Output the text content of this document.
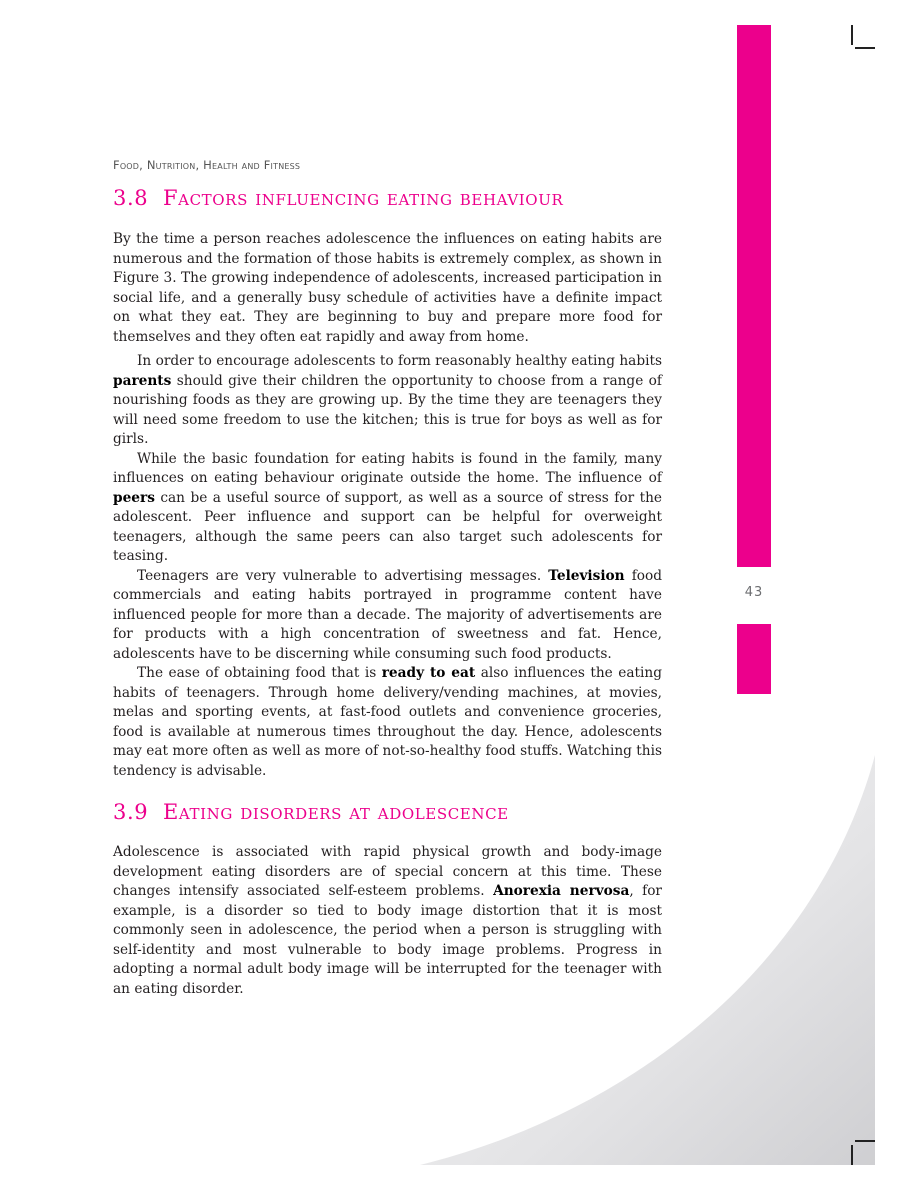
43
Food, Nutrition, Health and Fitness
3.8 Factors influencing eating behaviour

By the time a person reaches adolescence the influences on eating habits are numerous and the formation of those habits is extremely complex, as shown in Figure 3. The growing independence of adolescents, increased participation in social life, and a generally busy schedule of activities have a definite impact on what they eat. They are beginning to buy and prepare more food for themselves and they often eat rapidly and away from home.

In order to encourage adolescents to form reasonably healthy eating habits parents should give their children the opportunity to choose from a range of nourishing foods as they are growing up. By the time they are teenagers they will need some freedom to use the kitchen; this is true for boys as well as for girls.

While the basic foundation for eating habits is found in the family, many influences on eating behaviour originate outside the home. The influence of peers can be a useful source of support, as well as a source of stress for the adolescent. Peer influence and support can be helpful for overweight teenagers, although the same peers can also target such adolescents for teasing.

Teenagers are very vulnerable to advertising messages. Television food commercials and eating habits portrayed in programme content have influenced people for more than a decade. The majority of advertisements are for products with a high concentration of sweetness and fat. Hence, adolescents have to be discerning while consuming such food products.

The ease of obtaining food that is ready to eat also influences the eating habits of teenagers. Through home delivery/vending machines, at movies, melas and sporting events, at fast-food outlets and convenience groceries, food is available at numerous times throughout the day. Hence, adolescents may eat more often as well as more of not-so-healthy food stuffs. Watching this tendency is advisable.

3.9 Eating disorders at adolescence

Adolescence is associated with rapid physical growth and body-image development eating disorders are of special concern at this time. These changes intensify associated self-esteem problems. Anorexia nervosa, for example, is a disorder so tied to body image distortion that it is most commonly seen in adolescence, the period when a person is struggling with self-identity and most vulnerable to body image problems. Progress in adopting a normal adult body image will be interrupted for the teenager with an eating disorder.
